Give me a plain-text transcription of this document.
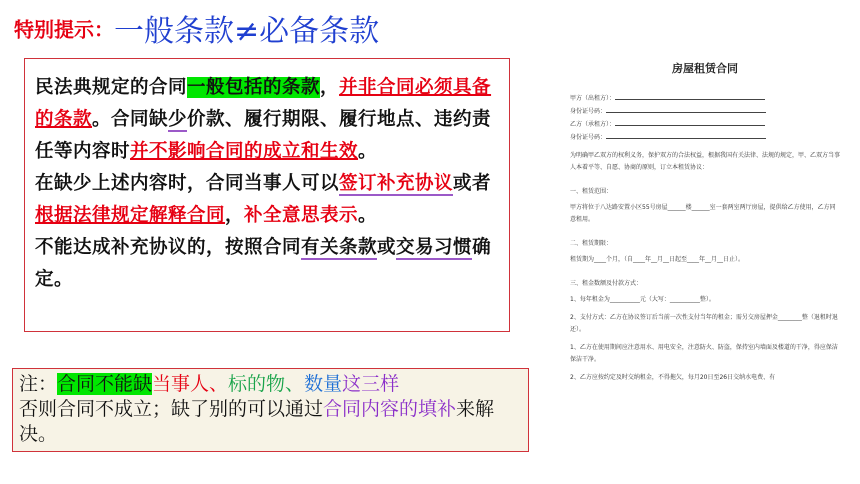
特别提示：一般条款≠必备条款

民法典规定的合同一般包括的条款，并非合同必须具备的条款。合同缺少价款、履行期限、履行地点、违约责任等内容时并不影响合同的成立和生效。
在缺少上述内容时，合同当事人可以签订补充协议或者根据法律规定解释合同，补全意思表示。
不能达成补充协议的，按照合同有关条款或交易习惯确定。

注：合同不能缺当事人、标的物、数量这三样

否则合同不成立；缺了别的可以通过合同内容的填补来解决。

房屋租赁合同
甲方（出租方）：
身份证号码：
乙方（承租方）：
身份证号码：
为明确甲乙双方的权利义务，保护双方的合法权益，根据我国有关法律、法规的规定，甲、乙双方当事人本着平等、自愿、协商的原则，订立本租赁协议：
一、租赁范围：
甲方将位于八达路安置小区55号房屋______楼______室一套两室两厅房屋，提供给乙方使用，乙方同意租用。
二、租赁期限：
租赁期为____个月，（自____年__月__日起至____年__月__日止）。
三、租金数额及付款方式：
1、每年租金为__________元（大写：__________整）。
2、支付方式：乙方在协议签订后当前一次性支付当年的租金；需另交房屋押金________整（退租时退还）。
1、乙方在使用期间应注意用水、用电安全，注意防火、防盗，保持室内墙面及楼道的干净，得应保洁保洁干净。
2、乙方应按约定及时交纳租金，不得拖欠，每月20日至26日交纳水电费、有
